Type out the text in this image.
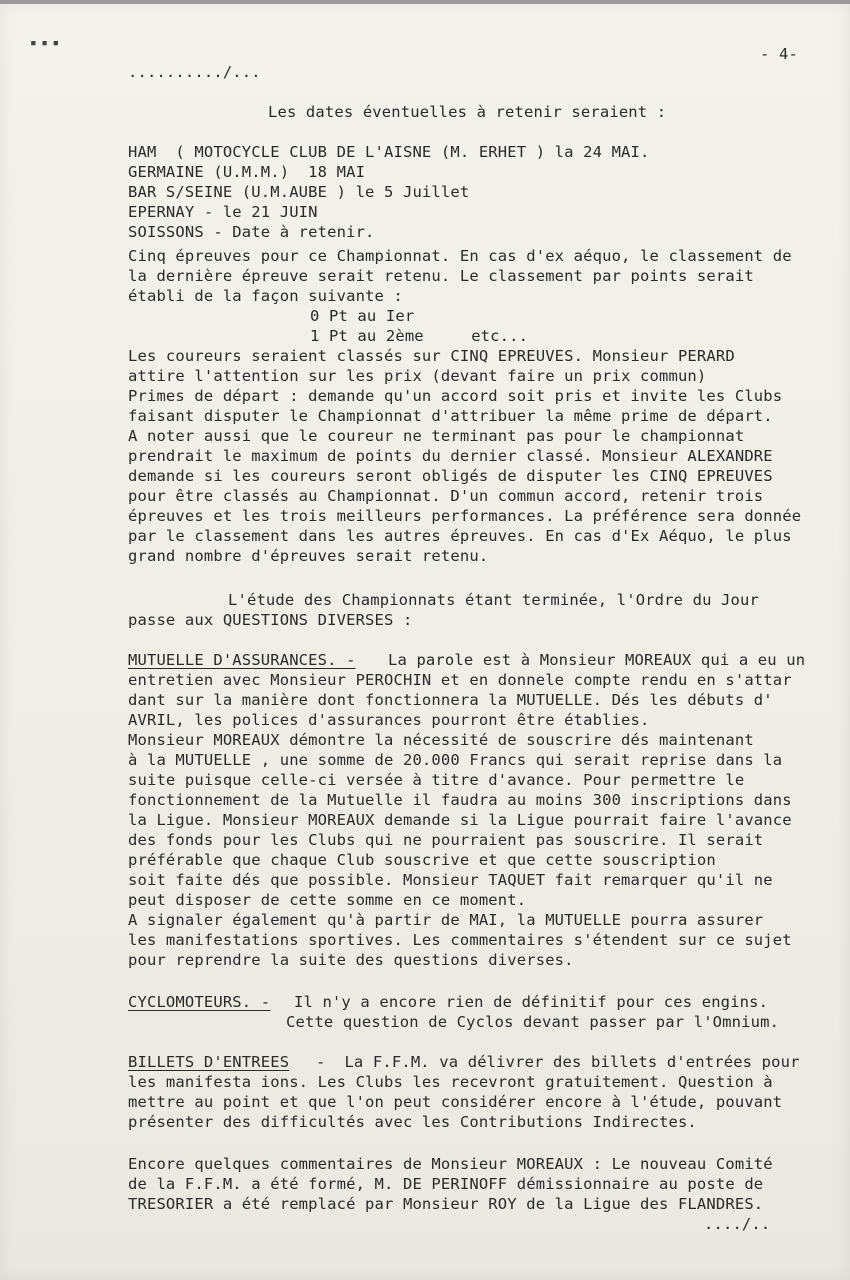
▪ ▪ ▪
- 4-
........../...
Les dates éventuelles à retenir seraient :
HAM  ( MOTOCYCLE CLUB DE L'AISNE (M. ERHET ) la 24 MAI.
GERMAINE (U.M.M.)  18 MAI
BAR S/SEINE (U.M.AUBE ) le 5 Juillet
EPERNAY - le 21 JUIN
SOISSONS - Date à retenir.
Cinq épreuves pour ce Championnat. En cas d'ex aéquo, le classement de
la dernière épreuve serait retenu. Le classement par points serait
établi de la façon suivante :
0 Pt au Ier
1 Pt au 2ème     etc...
Les coureurs seraient classés sur CINQ EPREUVES. Monsieur PERARD
attire l'attention sur les prix (devant faire un prix commun)
Primes de départ : demande qu'un accord soit pris et invite les Clubs
faisant disputer le Championnat d'attribuer la même prime de départ.
A noter aussi que le coureur ne terminant pas pour le championnat
prendrait le maximum de points du dernier classé. Monsieur ALEXANDRE
demande si les coureurs seront obligés de disputer les CINQ EPREUVES
pour être classés au Championnat. D'un commun accord, retenir trois
épreuves et les trois meilleurs performances. La préférence sera donnée
par le classement dans les autres épreuves. En cas d'Ex Aéquo, le plus
grand nombre d'épreuves serait retenu.
L'étude des Championnats étant terminée, l'Ordre du Jour
passe aux QUESTIONS DIVERSES :
MUTUELLE D'ASSURANCES. - La parole est à Monsieur MOREAUX qui a eu un
entretien avec Monsieur PEROCHIN et en donnele compte rendu en s'attar
dant sur la manière dont fonctionnera la MUTUELLE. Dés les débuts d'
AVRIL, les polices d'assurances pourront être établies.
Monsieur MOREAUX démontre la nécessité de souscrire dés maintenant
à la MUTUELLE , une somme de 20.000 Francs qui serait reprise dans la
suite puisque celle-ci versée à titre d'avance. Pour permettre le
fonctionnement de la Mutuelle il faudra au moins 300 inscriptions dans
la Ligue. Monsieur MOREAUX demande si la Ligue pourrait faire l'avance
des fonds pour les Clubs qui ne pourraient pas souscrire. Il serait
préférable que chaque Club souscrive et que cette souscription
soit faite dés que possible. Monsieur TAQUET fait remarquer qu'il ne
peut disposer de cette somme en ce moment.
A signaler également qu'à partir de MAI, la MUTUELLE pourra assurer
les manifestations sportives. Les commentaires s'étendent sur ce sujet
pour reprendre la suite des questions diverses.
CYCLOMOTEURS. - Il n'y a encore rien de définitif pour ces engins.
Cette question de Cyclos devant passer par l'Omnium.
BILLETS D'ENTREES -  La F.F.M. va délivrer des billets d'entrées pour
les manifesta ions. Les Clubs les recevront gratuitement. Question à
mettre au point et que l'on peut considérer encore à l'étude, pouvant
présenter des difficultés avec les Contributions Indirectes.
Encore quelques commentaires de Monsieur MOREAUX : Le nouveau Comité
de la F.F.M. a été formé, M. DE PERINOFF démissionnaire au poste de
TRESORIER a été remplacé par Monsieur ROY de la Ligue des FLANDRES.
..../..
